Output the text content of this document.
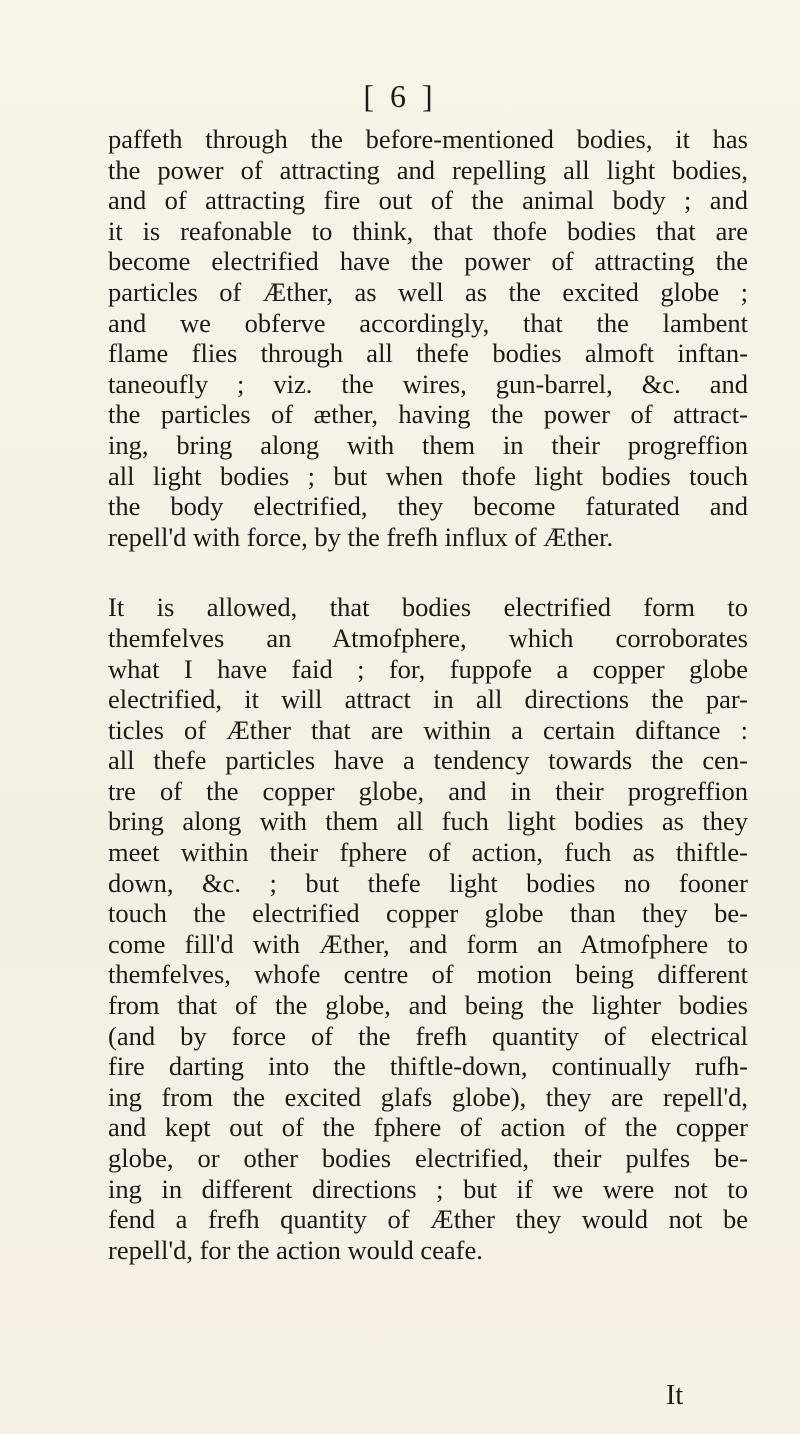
[ 6 ]
paffeth through the before-mentioned bodies, it has
the power of attracting and repelling all light bodies,
and of attracting fire out of the animal body ; and
it is reafonable to think, that thofe bodies that are
become electrified have the power of attracting the
particles of Æther, as well as the excited globe ;
and we obferve accordingly, that the lambent
flame flies through all thefe bodies almoft inftan-
taneoufly ; viz. the wires, gun-barrel, &c. and
the particles of æther, having the power of attract-
ing, bring along with them in their progreffion
all light bodies ; but when thofe light bodies touch
the body electrified, they become faturated and
repell'd with force, by the frefh influx of Æther.
It is allowed, that bodies electrified form to
themfelves an Atmofphere, which corroborates
what I have faid ; for, fuppofe a copper globe
electrified, it will attract in all directions the par-
ticles of Æther that are within a certain diftance :
all thefe particles have a tendency towards the cen-
tre of the copper globe, and in their progreffion
bring along with them all fuch light bodies as they
meet within their fphere of action, fuch as thiftle-
down, &c. ; but thefe light bodies no fooner
touch the electrified copper globe than they be-
come fill'd with Æther, and form an Atmofphere to
themfelves, whofe centre of motion being different
from that of the globe, and being the lighter bodies
(and by force of the frefh quantity of electrical
fire darting into the thiftle-down, continually rufh-
ing from the excited glafs globe), they are repell'd,
and kept out of the fphere of action of the copper
globe, or other bodies electrified, their pulfes be-
ing in different directions ; but if we were not to
fend a frefh quantity of Æther they would not be
repell'd, for the action would ceafe.
It
